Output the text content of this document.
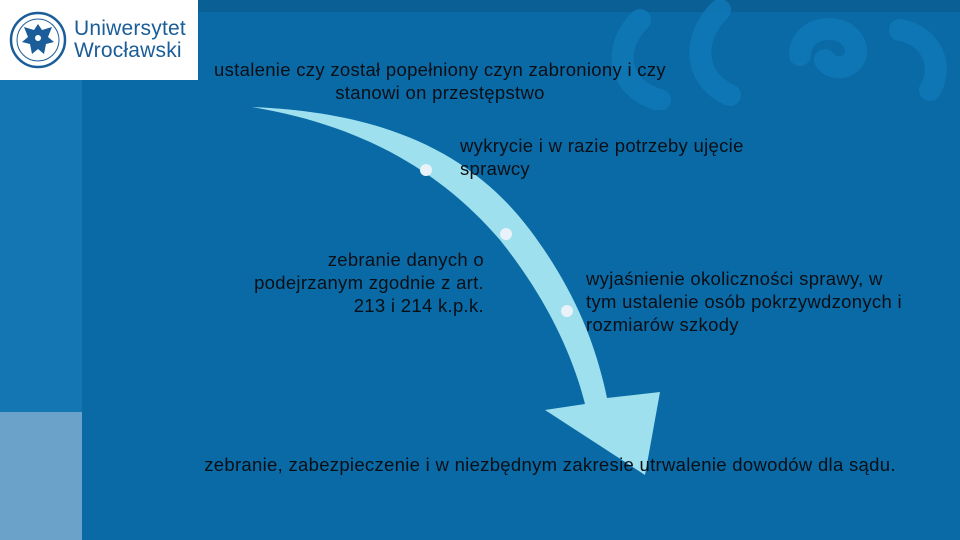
Uniwersytet
Wrocławski
ustalenie czy został popełniony czyn zabroniony i czy stanowi on przestępstwo
wykrycie i w razie potrzeby ujęcie sprawcy
zebranie danych o podejrzanym zgodnie z art. 213 i 214 k.p.k.
wyjaśnienie okoliczności sprawy, w tym ustalenie osób pokrzywdzonych i rozmiarów szkody
zebranie, zabezpieczenie i w niezbędnym zakresie utrwalenie dowodów dla sądu.
